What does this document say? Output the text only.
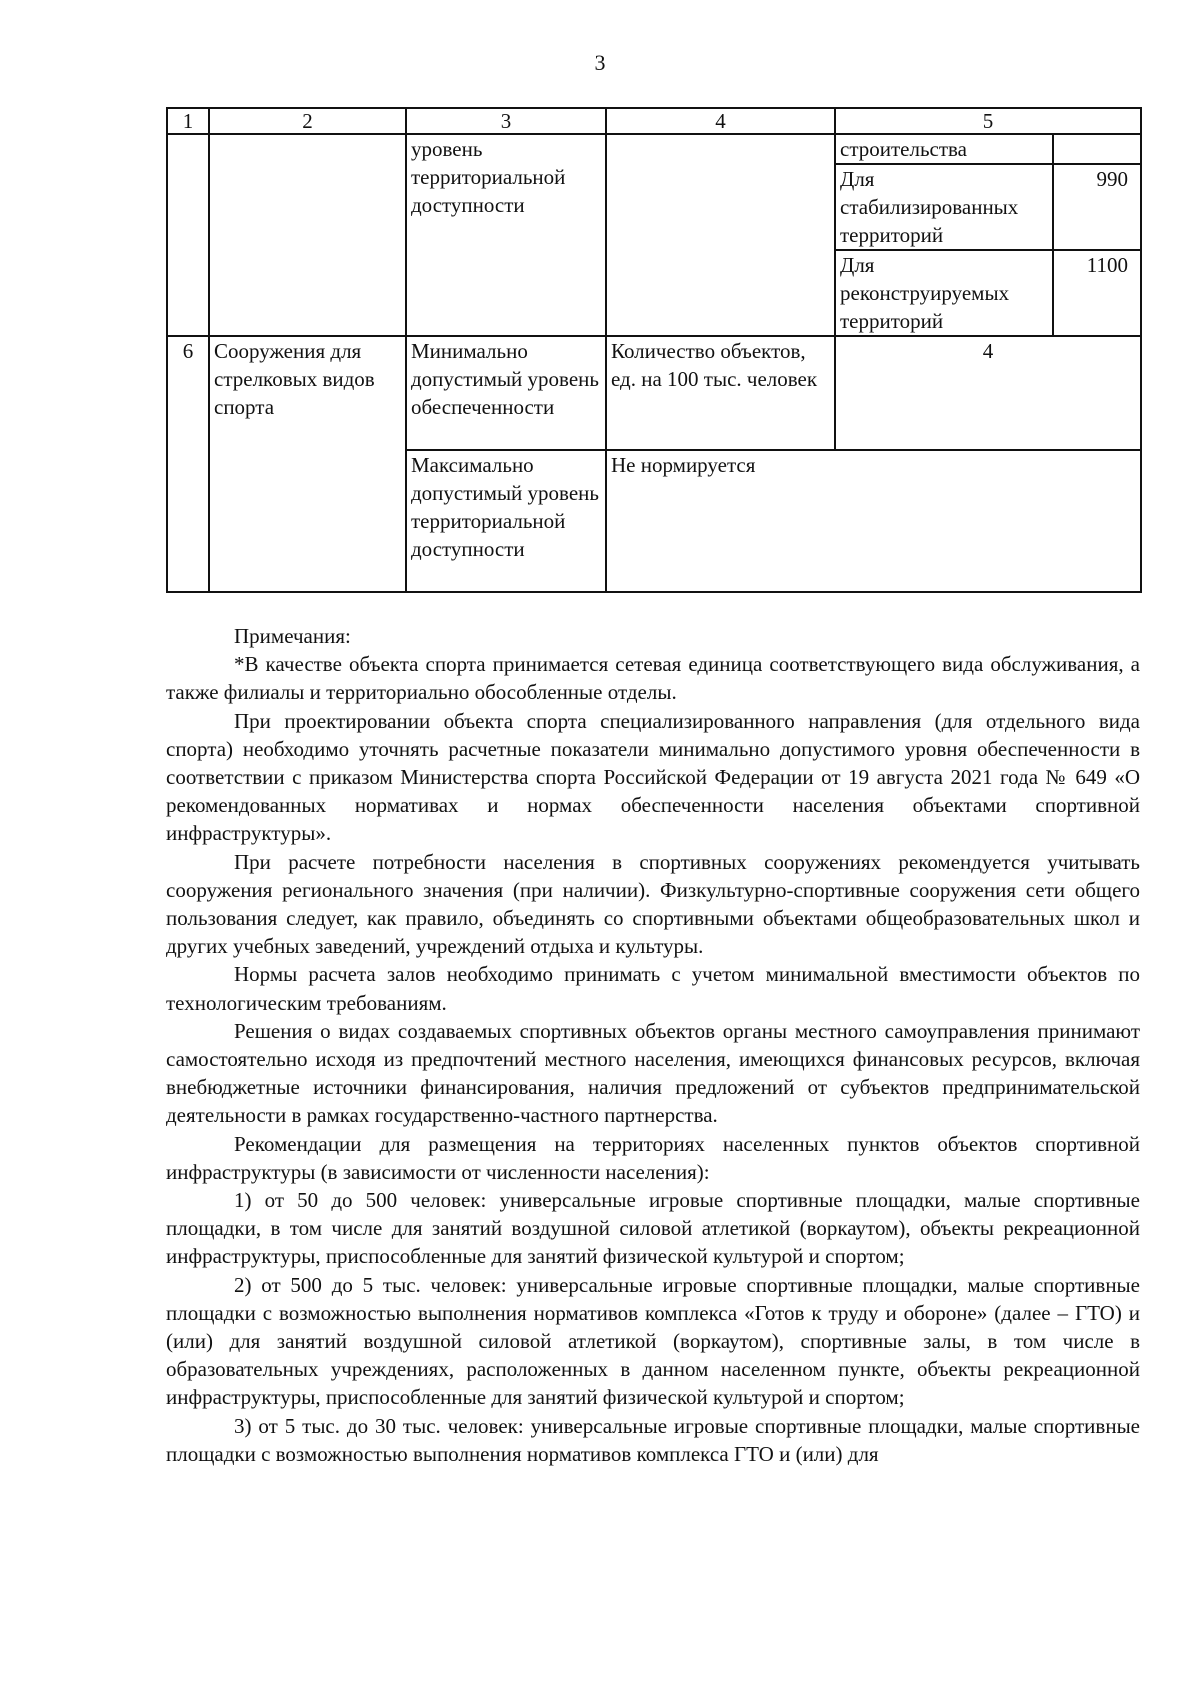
3
1	2	3	4	5	
		уровень территориальной доступности		строительства	
				Для стабилизированных территорий	990
				Для реконструируемых территорий	1100
6	Сооружения для стрелковых видов спорта	Минимально допустимый уровень обеспеченности	Количество объектов, ед. на 100 тыс. человек	4	
		Максимально допустимый уровень территориальной доступности	Не нормируется		

Примечания:

*В качестве объекта спорта принимается сетевая единица соответствующего вида обслуживания, а также филиалы и территориально обособленные отделы.

При проектировании объекта спорта специализированного направления (для отдельного вида спорта) необходимо уточнять расчетные показатели минимально допустимого уровня обеспеченности в соответствии с приказом Министерства спорта Российской Федерации от 19 августа 2021 года № 649 «О рекомендованных нормативах и нормах обеспеченности населения объектами спортивной инфраструктуры».

При расчете потребности населения в спортивных сооружениях рекомендуется учитывать сооружения регионального значения (при наличии). Физкультурно-спортивные сооружения сети общего пользования следует, как правило, объединять со спортивными объектами общеобразовательных школ и других учебных заведений, учреждений отдыха и культуры.

Нормы расчета залов необходимо принимать с учетом минимальной вместимости объектов по технологическим требованиям.

Решения о видах создаваемых спортивных объектов органы местного самоуправления принимают самостоятельно исходя из предпочтений местного населения, имеющихся финансовых ресурсов, включая внебюджетные источники финансирования, наличия предложений от субъектов предпринимательской деятельности в рамках государственно-частного партнерства.

Рекомендации для размещения на территориях населенных пунктов объектов спортивной инфраструктуры (в зависимости от численности населения):

1) от 50 до 500 человек: универсальные игровые спортивные площадки, малые спортивные площадки, в том числе для занятий воздушной силовой атлетикой (воркаутом), объекты рекреационной инфраструктуры, приспособленные для занятий физической культурой и спортом;

2) от 500 до 5 тыс. человек: универсальные игровые спортивные площадки, малые спортивные площадки с возможностью выполнения нормативов комплекса «Готов к труду и обороне» (далее – ГТО) и (или) для занятий воздушной силовой атлетикой (воркаутом), спортивные залы, в том числе в образовательных учреждениях, расположенных в данном населенном пункте, объекты рекреационной инфраструктуры, приспособленные для занятий физической культурой и спортом;

3) от 5 тыс. до 30 тыс. человек: универсальные игровые спортивные площадки, малые спортивные площадки с возможностью выполнения нормативов комплекса ГТО и (или) для
